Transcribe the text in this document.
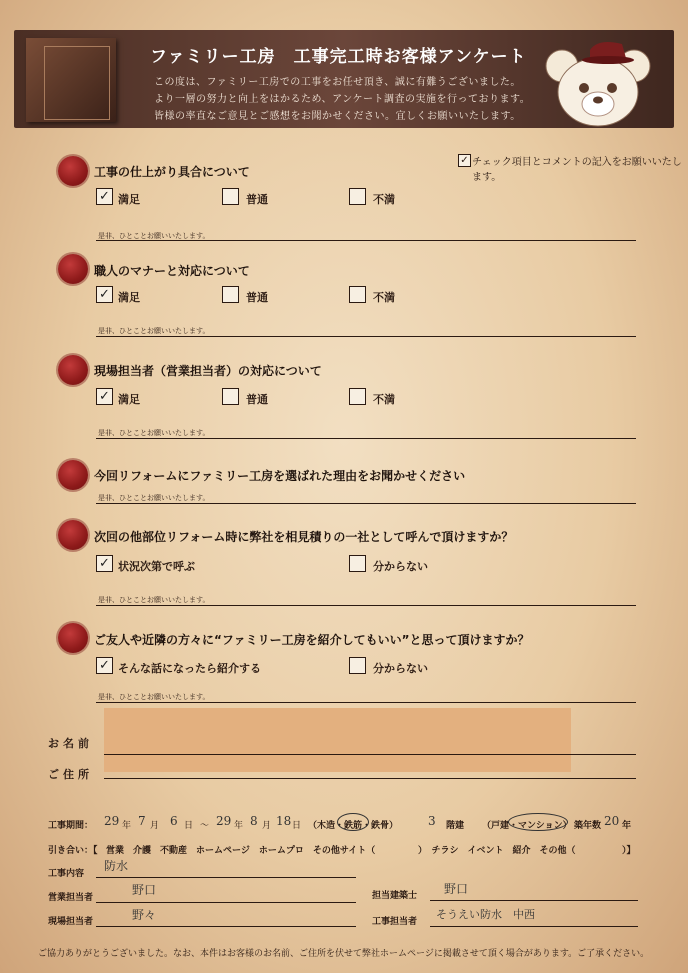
ファミリー工房　工事完工時お客様アンケート
この度は、ファミリー工房での工事をお任せ頂き、誠に有難うございました。
より一層の努力と向上をはかるため、アンケート調査の実施を行っております。
皆様の率直なご意見とご感想をお聞かせください。宜しくお願いいたします。
✓ チェック項目とコメントの記入をお願いいたします。
工事の仕上がり具合について
✓ 満足	普通	不満
是非、ひとことお願いいたします。
職人のマナーと対応について
✓ 満足	普通	不満
是非、ひとことお願いいたします。
現場担当者（営業担当者）の対応について
✓ 満足	普通	不満
是非、ひとことお願いいたします。
今回リフォームにファミリー工房を選ばれた理由をお聞かせください
是非、ひとことお願いいたします。
次回の他部位リフォーム時に弊社を相見積りの一社として呼んで頂けますか？
✓ 状況次第で呼ぶ	分からない
是非、ひとことお願いいたします。
ご友人や近隣の方々に“ファミリー工房を紹介してもいい”と思って頂けますか？
✓ そんな話になったら紹介する	分からない
是非、ひとことお願いいたします。
お名前
ご住所
工事期間： 29 年 7 月 6 日 ～ 29 年 8 月 18 日 （木造・鉄筋・鉄骨） 3 階建 （戸建・マンション） 築年数 20 年
引き合い：【 営業　介護　不動産　ホームページ　ホームプロ　その他サイト（	）　チラシ　イベント　紹介　その他（	）】
工事内容
防水
営業担当者
野口
現場担当者	野々
担当建築士 野口
工事担当者
そうえい防水　中西
ご協力ありがとうございました。なお、本件はお客様のお名前、ご住所を伏せて弊社ホームページに掲載させて頂く場合があります。ご了承ください。
